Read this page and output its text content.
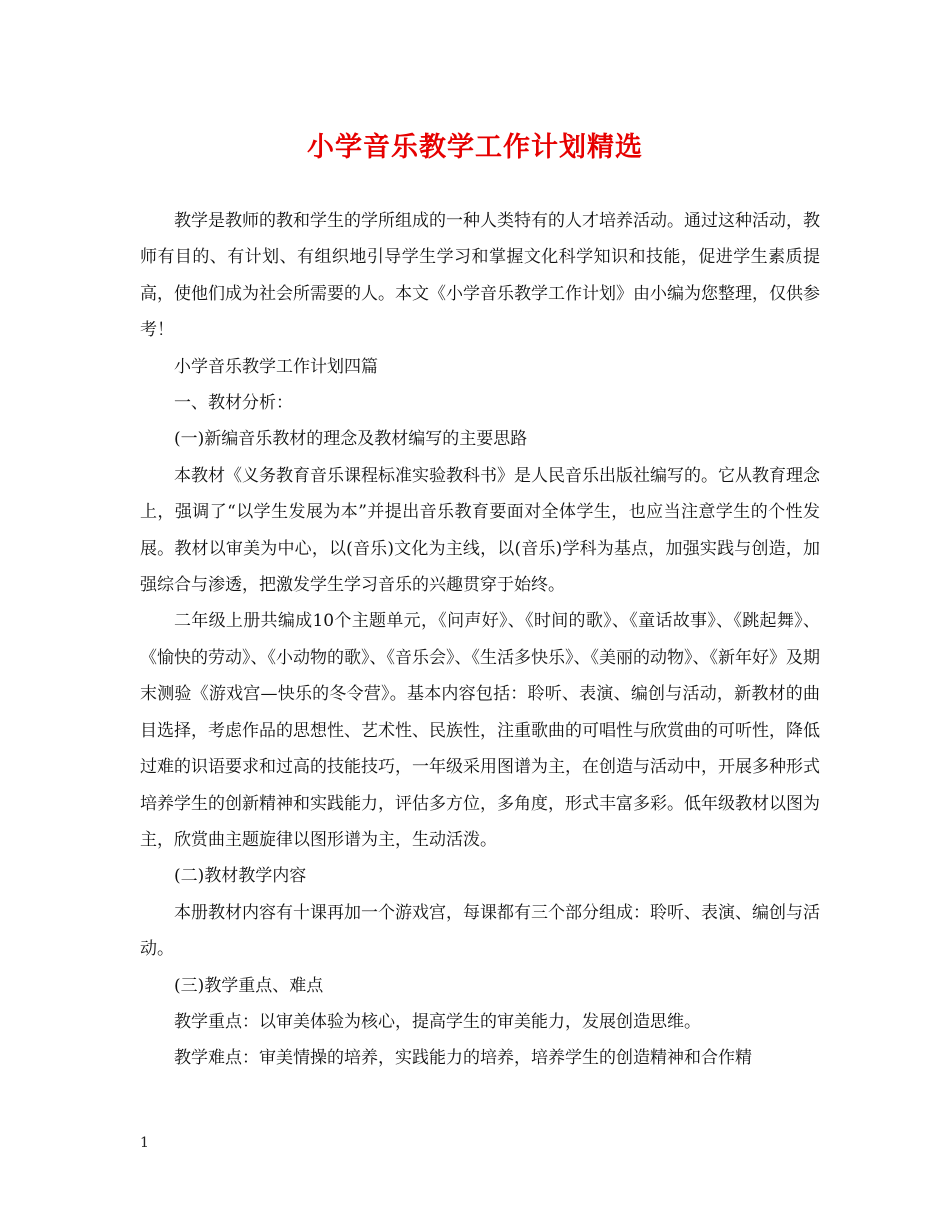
小学音乐教学工作计划精选

教学是教师的教和学生的学所组成的一种人类特有的人才培养活动。通过这种活动，教师有目的、有计划、有组织地引导学生学习和掌握文化科学知识和技能，促进学生素质提高，使他们成为社会所需要的人。本文《小学音乐教学工作计划》由小编为您整理，仅供参考！

小学音乐教学工作计划四篇

一、教材分析：

(一)新编音乐教材的理念及教材编写的主要思路

本教材《义务教育音乐课程标准实验教科书》是人民音乐出版社编写的。它从教育理念上，强调了“以学生发展为本”并提出音乐教育要面对全体学生，也应当注意学生的个性发展。教材以审美为中心，以(音乐)文化为主线，以(音乐)学科为基点，加强实践与创造，加强综合与渗透，把激发学生学习音乐的兴趣贯穿于始终。

二年级上册共编成10个主题单元，《问声好》、《时间的歌》、《童话故事》、《跳起舞》、《愉快的劳动》、《小动物的歌》、《音乐会》、《生活多快乐》、《美丽的动物》、《新年好》及期末测验《游戏宫—快乐的冬令营》。基本内容包括：聆听、表演、编创与活动，新教材的曲目选择，考虑作品的思想性、艺术性、民族性，注重歌曲的可唱性与欣赏曲的可听性，降低过难的识语要求和过高的技能技巧，一年级采用图谱为主，在创造与活动中，开展多种形式培养学生的创新精神和实践能力，评估多方位，多角度，形式丰富多彩。低年级教材以图为主，欣赏曲主题旋律以图形谱为主，生动活泼。

(二)教材教学内容

本册教材内容有十课再加一个游戏宫，每课都有三个部分组成：聆听、表演、编创与活动。

(三)教学重点、难点

教学重点：以审美体验为核心，提高学生的审美能力，发展创造思维。

教学难点：审美情操的培养，实践能力的培养，培养学生的创造精神和合作精

1
